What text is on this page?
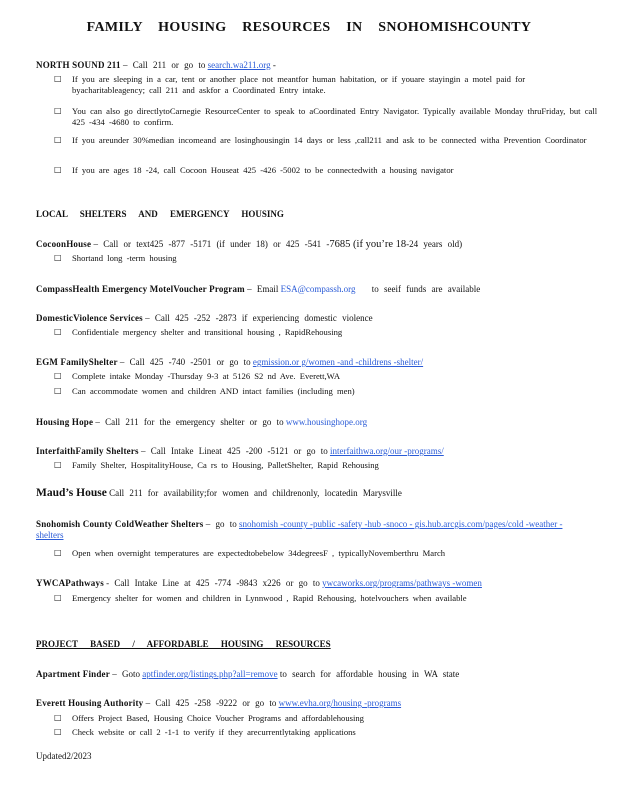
FAMILY HOUSING RESOURCES IN SNOHOMISHCOUNTY
NORTH SOUND 211 – Call 211 or go to search.wa211.org -
□ If you are sleeping in a car, tent or another place not meantfor human habitation, or if youare stayingin a motel paid for byacharitableagency; call 211 and askfor a Coordinated Entry intake.
□ You can also go directlytoCarnegie ResourceCenter to speak to aCoordinated Entry Navigator. Typically available Monday thruFriday, but call 425 -434 -4680 to confirm.
□ If you areunder 30%median incomeand are losinghousingin 14 days or less ,call211 and ask to be connected witha Prevention Coordinator
□ If you are ages 18 -24, call Cocoon Houseat 425 -426 -5002 to be connectedwith a housing navigator
LOCAL SHELTERS AND EMERGENCY HOUSING
CocoonHouse – Call or text425 -877 -5171 (if under 18) or 425 -541 -7685 (if you’re 18-24 years old)
□ Shortand long -term housing
CompassHealth Emergency MotelVoucher Program – Email ESA@compassh.org to seeif funds are available
DomesticViolence Services – Call 425 -252 -2873 if experiencing domestic violence
□ Confidentiale mergency shelter and transitional housing , RapidRehousing
EGM FamilyShelter – Call 425 -740 -2501 or go to egmission.or g/women -and -childrens -shelter/
□ Complete intake Monday -Thursday 9-3 at 5126 S2 nd Ave. Everett,WA
□ Can accommodate women and children AND intact families (including men)
Housing Hope – Call 211 for the emergency shelter or go to www.housinghope.org
InterfaithFamily Shelters – Call Intake Lineat 425 -200 -5121 or go to interfaithwa.org/our -programs/
□ Family Shelter, HospitalityHouse, Ca rs to Housing, PalletShelter, Rapid Rehousing
Maud’s House Call 211 for availability;for women and childrenonly, locatedin Marysville
Snohomish County ColdWeather Shelters – go to snohomish -county -public -safety -hub -snoco - gis.hub.arcgis.com/pages/cold -weather -shelters
□ Open when overnight temperatures are expectedtobebelow 34degreesF , typicallyNovemberthru March
YWCAPathways - Call Intake Line at 425 -774 -9843 x226 or go to ywcaworks.org/programs/pathways -women
□ Emergency shelter for women and children in Lynnwood , Rapid Rehousing, hotelvouchers when available
PROJECT BASED / AFFORDABLE HOUSING RESOURCES
Apartment Finder – Goto aptfinder.org/listings.php?all=remove to search for affordable housing in WA state
Everett Housing Authority – Call 425 -258 -9222 or go to www.evha.org/housing -programs
□ Offers Project Based, Housing Choice Voucher Programs and affordablehousing
□ Check website or call 2 -1-1 to verify if they arecurrentlytaking applications
Updated2/2023
